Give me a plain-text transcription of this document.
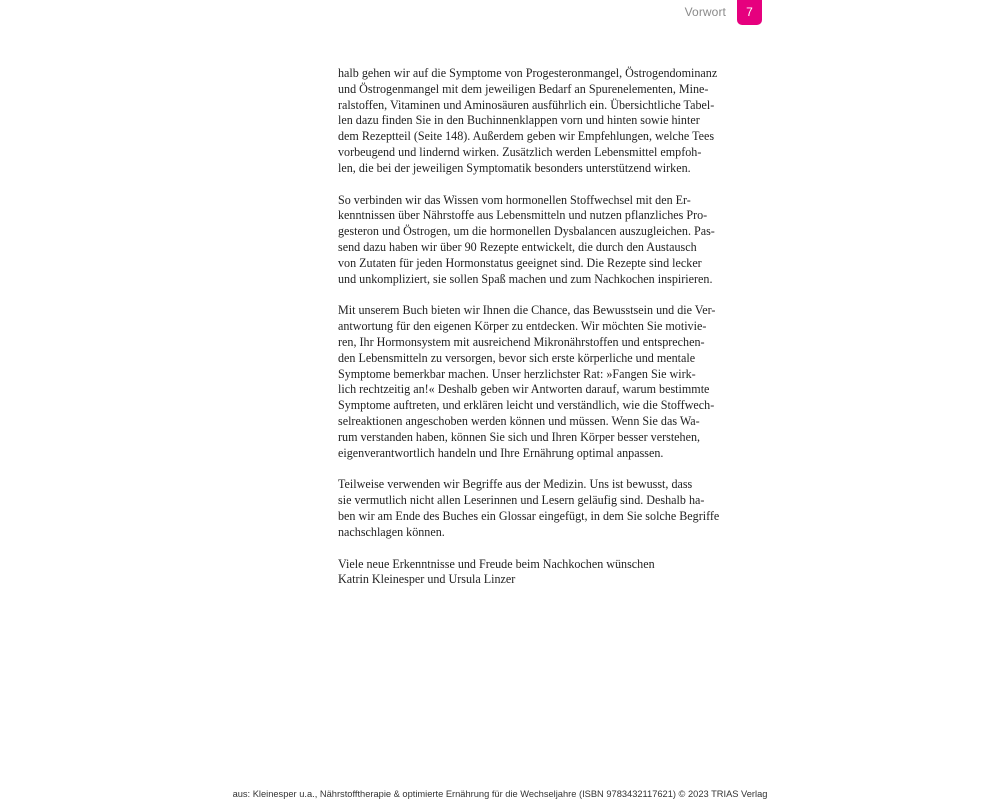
Vorwort	7

halb gehen wir auf die Symptome von Progesteronmangel, Östrogendominanz
und Östrogenmangel mit dem jeweiligen Bedarf an Spurenelementen, Mine-
ralstoffen, Vitaminen und Aminosäuren ausführlich ein. Übersichtliche Tabel-
len dazu finden Sie in den Buchinnenklappen vorn und hinten sowie hinter
dem Rezeptteil (Seite 148). Außerdem geben wir Empfehlungen, welche Tees
vorbeugend und lindernd wirken. Zusätzlich werden Lebensmittel empfoh-
len, die bei der jeweiligen Symptomatik besonders unterstützend wirken.

So verbinden wir das Wissen vom hormonellen Stoffwechsel mit den Er-
kenntnissen über Nährstoffe aus Lebensmitteln und nutzen pflanzliches Pro-
gesteron und Östrogen, um die hormonellen Dysbalancen auszugleichen. Pas-
send dazu haben wir über 90 Rezepte entwickelt, die durch den Austausch
von Zutaten für jeden Hormonstatus geeignet sind. Die Rezepte sind lecker
und unkompliziert, sie sollen Spaß machen und zum Nachkochen inspirieren.

Mit unserem Buch bieten wir Ihnen die Chance, das Bewusstsein und die Ver-
antwortung für den eigenen Körper zu entdecken. Wir möchten Sie motivie-
ren, Ihr Hormonsystem mit ausreichend Mikronährstoffen und entsprechen-
den Lebensmitteln zu versorgen, bevor sich erste körperliche und mentale
Symptome bemerkbar machen. Unser herzlichster Rat: »Fangen Sie wirk-
lich rechtzeitig an!« Deshalb geben wir Antworten darauf, warum bestimmte
Symptome auftreten, und erklären leicht und verständlich, wie die Stoffwech-
selreaktionen angeschoben werden können und müssen. Wenn Sie das Wa-
rum verstanden haben, können Sie sich und Ihren Körper besser verstehen,
eigenverantwortlich handeln und Ihre Ernährung optimal anpassen.

Teilweise verwenden wir Begriffe aus der Medizin. Uns ist bewusst, dass
sie vermutlich nicht allen Leserinnen und Lesern geläufig sind. Deshalb ha-
ben wir am Ende des Buches ein Glossar eingefügt, in dem Sie solche Begriffe
nachschlagen können.

Viele neue Erkenntnisse und Freude beim Nachkochen wünschen
Katrin Kleinesper und Ursula Linzer

aus: Kleinesper u.a., Nährstofftherapie & optimierte Ernährung für die Wechseljahre (ISBN 9783432117621) © 2023 TRIAS Verlag
